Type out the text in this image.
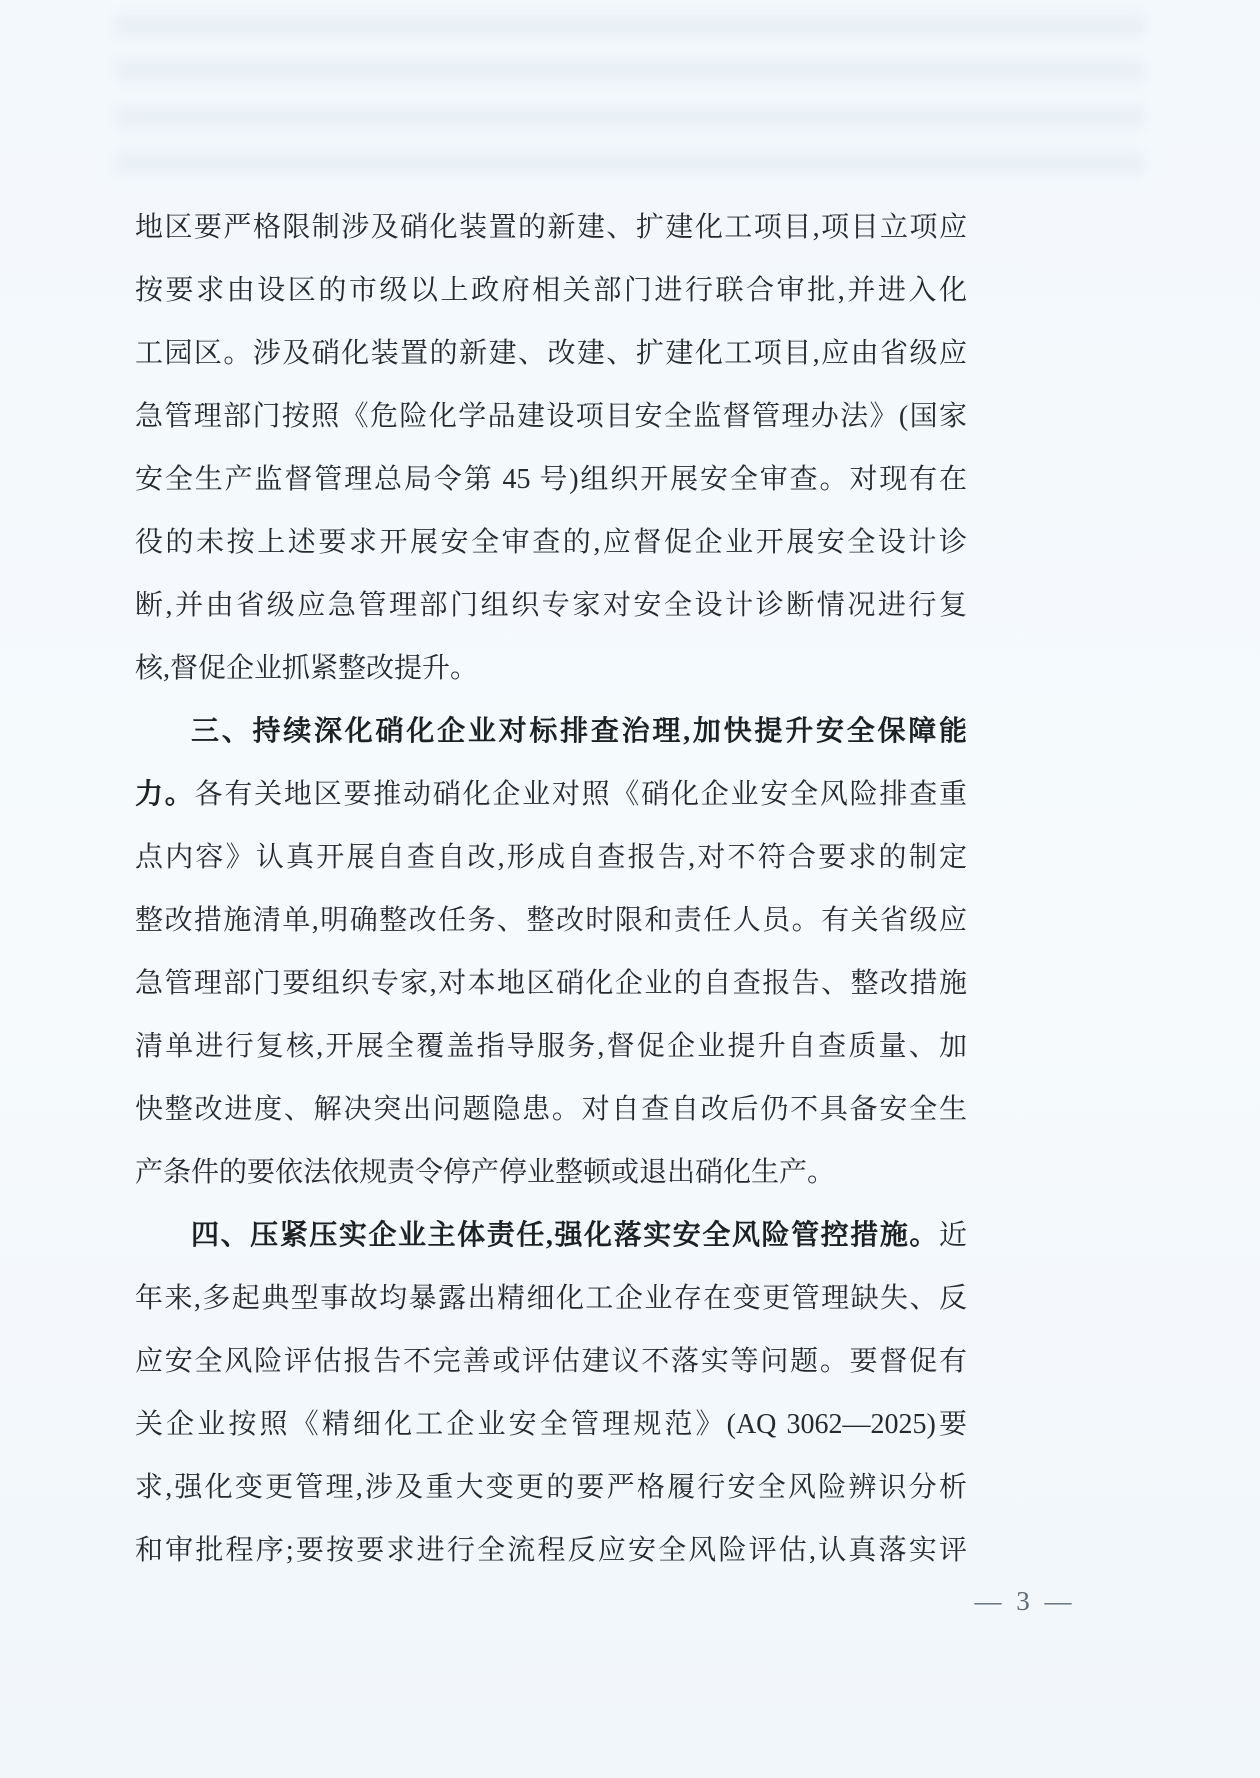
地区要严格限制涉及硝化装置的新建、扩建化工项目,项目立项应
按要求由设区的市级以上政府相关部门进行联合审批,并进入化
工园区。涉及硝化装置的新建、改建、扩建化工项目,应由省级应
急管理部门按照《危险化学品建设项目安全监督管理办法》(国家
安全生产监督管理总局令第 45 号)组织开展安全审查。对现有在
役的未按上述要求开展安全审查的,应督促企业开展安全设计诊
断,并由省级应急管理部门组织专家对安全设计诊断情况进行复
核,督促企业抓紧整改提升。
三、持续深化硝化企业对标排查治理,加快提升安全保障能
力。各有关地区要推动硝化企业对照《硝化企业安全风险排查重
点内容》认真开展自查自改,形成自查报告,对不符合要求的制定
整改措施清单,明确整改任务、整改时限和责任人员。有关省级应
急管理部门要组织专家,对本地区硝化企业的自查报告、整改措施
清单进行复核,开展全覆盖指导服务,督促企业提升自查质量、加
快整改进度、解决突出问题隐患。对自查自改后仍不具备安全生
产条件的要依法依规责令停产停业整顿或退出硝化生产。
四、压紧压实企业主体责任,强化落实安全风险管控措施。近
年来,多起典型事故均暴露出精细化工企业存在变更管理缺失、反
应安全风险评估报告不完善或评估建议不落实等问题。要督促有
关企业按照《精细化工企业安全管理规范》(AQ 3062—2025)要
求,强化变更管理,涉及重大变更的要严格履行安全风险辨识分析
和审批程序;要按要求进行全流程反应安全风险评估,认真落实评
— 3 —
